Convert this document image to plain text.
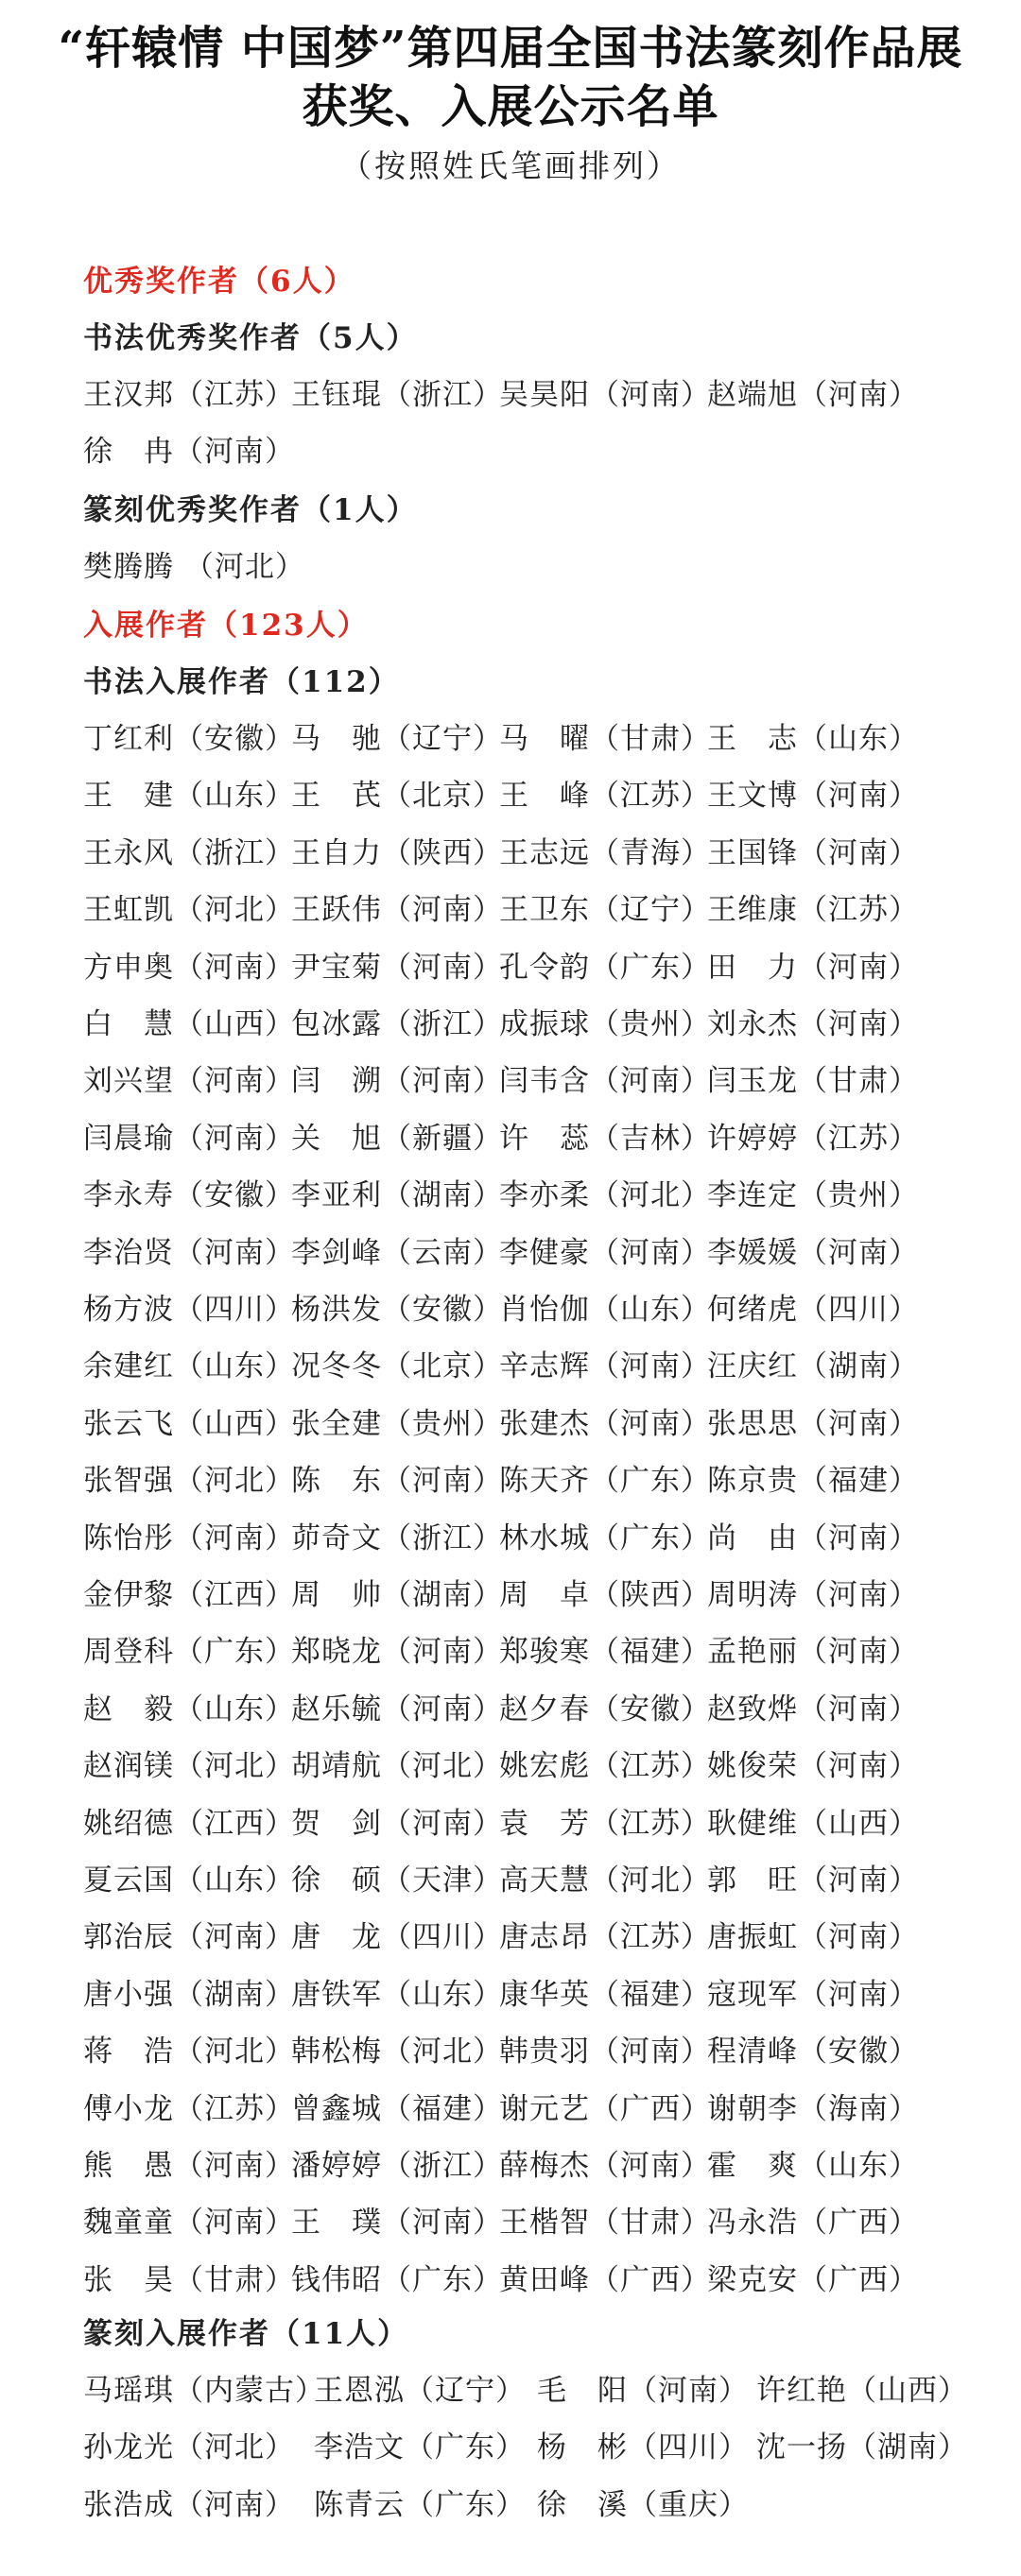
“轩辕情 中国梦”第四届全国书法篆刻作品展
获奖、入展公示名单
（按照姓氏笔画排列）
优秀奖作者（6人）
书法优秀奖作者（5人）
王汉邦（江苏）
王钰琨（浙江）
吴昊阳（河南）
赵端旭（河南）
徐　冉（河南）
篆刻优秀奖作者（1人）
樊腾腾 （河北）
入展作者（123人）
书法入展作者（112）
丁红利（安徽）
马　驰（辽宁）
马　曜（甘肃）
王　志（山东）
王　建（山东）
王　芪（北京）
王　峰（江苏）
王文博（河南）
王永风（浙江）
王自力（陕西）
王志远（青海）
王国锋（河南）
王虹凯（河北）
王跃伟（河南）
王卫东（辽宁）
王维康（江苏）
方申奥（河南）
尹宝菊（河南）
孔令韵（广东）
田　力（河南）
白　慧（山西）
包冰露（浙江）
成振球（贵州）
刘永杰（河南）
刘兴望（河南）
闫　溯（河南）
闫韦含（河南）
闫玉龙（甘肃）
闫晨瑜（河南）
关　旭（新疆）
许　蕊（吉林）
许婷婷（江苏）
李永寿（安徽）
李亚利（湖南）
李亦柔（河北）
李连定（贵州）
李治贤（河南）
李剑峰（云南）
李健豪（河南）
李媛媛（河南）
杨方波（四川）
杨洪发（安徽）
肖怡伽（山东）
何绪虎（四川）
余建红（山东）
况冬冬（北京）
辛志辉（河南）
汪庆红（湖南）
张云飞（山西）
张全建（贵州）
张建杰（河南）
张思思（河南）
张智强（河北）
陈　东（河南）
陈天齐（广东）
陈京贵（福建）
陈怡彤（河南）
茆奇文（浙江）
林水城（广东）
尚　由（河南）
金伊黎（江西）
周　帅（湖南）
周　卓（陕西）
周明涛（河南）
周登科（广东）
郑晓龙（河南）
郑骏寒（福建）
孟艳丽（河南）
赵　毅（山东）
赵乐毓（河南）
赵夕春（安徽）
赵致烨（河南）
赵润镁（河北）
胡靖航（河北）
姚宏彪（江苏）
姚俊荣（河南）
姚绍德（江西）
贺　剑（河南）
袁　芳（江苏）
耿健维（山西）
夏云国（山东）
徐　硕（天津）
高天慧（河北）
郭　旺（河南）
郭治辰（河南）
唐　龙（四川）
唐志昂（江苏）
唐振虹（河南）
唐小强（湖南）
唐铁军（山东）
康华英（福建）
寇现军（河南）
蒋　浩（河北）
韩松梅（河北）
韩贵羽（河南）
程清峰（安徽）
傅小龙（江苏）
曾鑫城（福建）
谢元艺（广西）
谢朝李（海南）
熊　愚（河南）
潘婷婷（浙江）
薛梅杰（河南）
霍　爽（山东）
魏童童（河南）
王　璞（河南）
王楷智（甘肃）
冯永浩（广西）
张　昊（甘肃）
钱伟昭（广东）
黄田峰（广西）
梁克安（广西）
篆刻入展作者（11人）
马瑶琪（内蒙古）
王恩泓（辽宁） 毛　阳（河南） 许红艳（山西）
孙龙光（河北） 李浩文（广东） 杨　彬（四川） 沈一扬（湖南）
张浩成（河南） 陈青云（广东） 徐　溪（重庆）
